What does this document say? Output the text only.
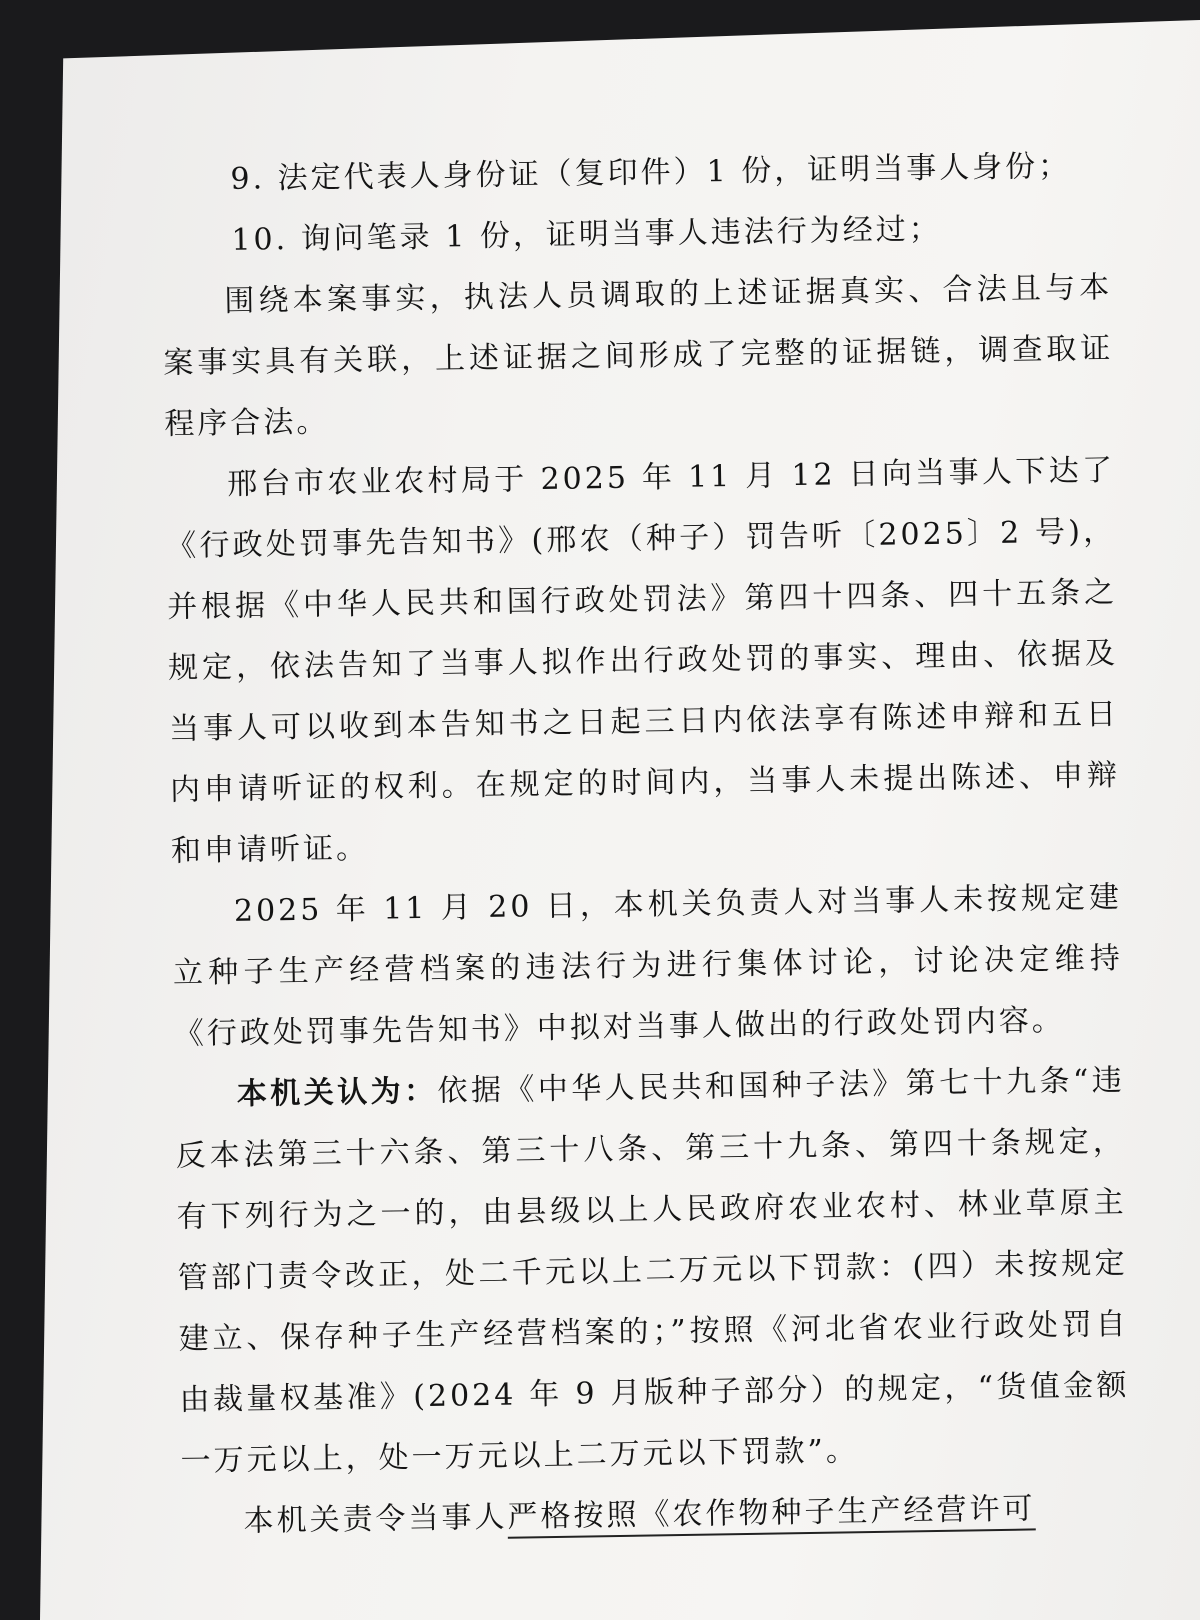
9. 法定代表人身份证（复印件）1 份，证明当事人身份；

10. 询问笔录 1 份，证明当事人违法行为经过；

围绕本案事实，执法人员调取的上述证据真实、合法且与本案事实具有关联，上述证据之间形成了完整的证据链，调查取证程序合法。

邢台市农业农村局于 2025 年 11 月 12 日向当事人下达了《行政处罚事先告知书》(邢农（种子）罚告听〔2025〕2 号)，并根据《中华人民共和国行政处罚法》第四十四条、四十五条之规定，依法告知了当事人拟作出行政处罚的事实、理由、依据及当事人可以收到本告知书之日起三日内依法享有陈述申辩和五日内申请听证的权利。在规定的时间内，当事人未提出陈述、申辩和申请听证。

2025 年 11 月 20 日，本机关负责人对当事人未按规定建立种子生产经营档案的违法行为进行集体讨论，讨论决定维持《行政处罚事先告知书》中拟对当事人做出的行政处罚内容。

本机关认为：依据《中华人民共和国种子法》第七十九条“违反本法第三十六条、第三十八条、第三十九条、第四十条规定，有下列行为之一的，由县级以上人民政府农业农村、林业草原主管部门责令改正，处二千元以上二万元以下罚款：(四）未按规定建立、保存种子生产经营档案的；”按照《河北省农业行政处罚自由裁量权基准》(2024 年 9 月版种子部分）的规定，“货值金额一万元以上，处一万元以上二万元以下罚款”。

本机关责令当事人严格按照《农作物种子生产经营许可
